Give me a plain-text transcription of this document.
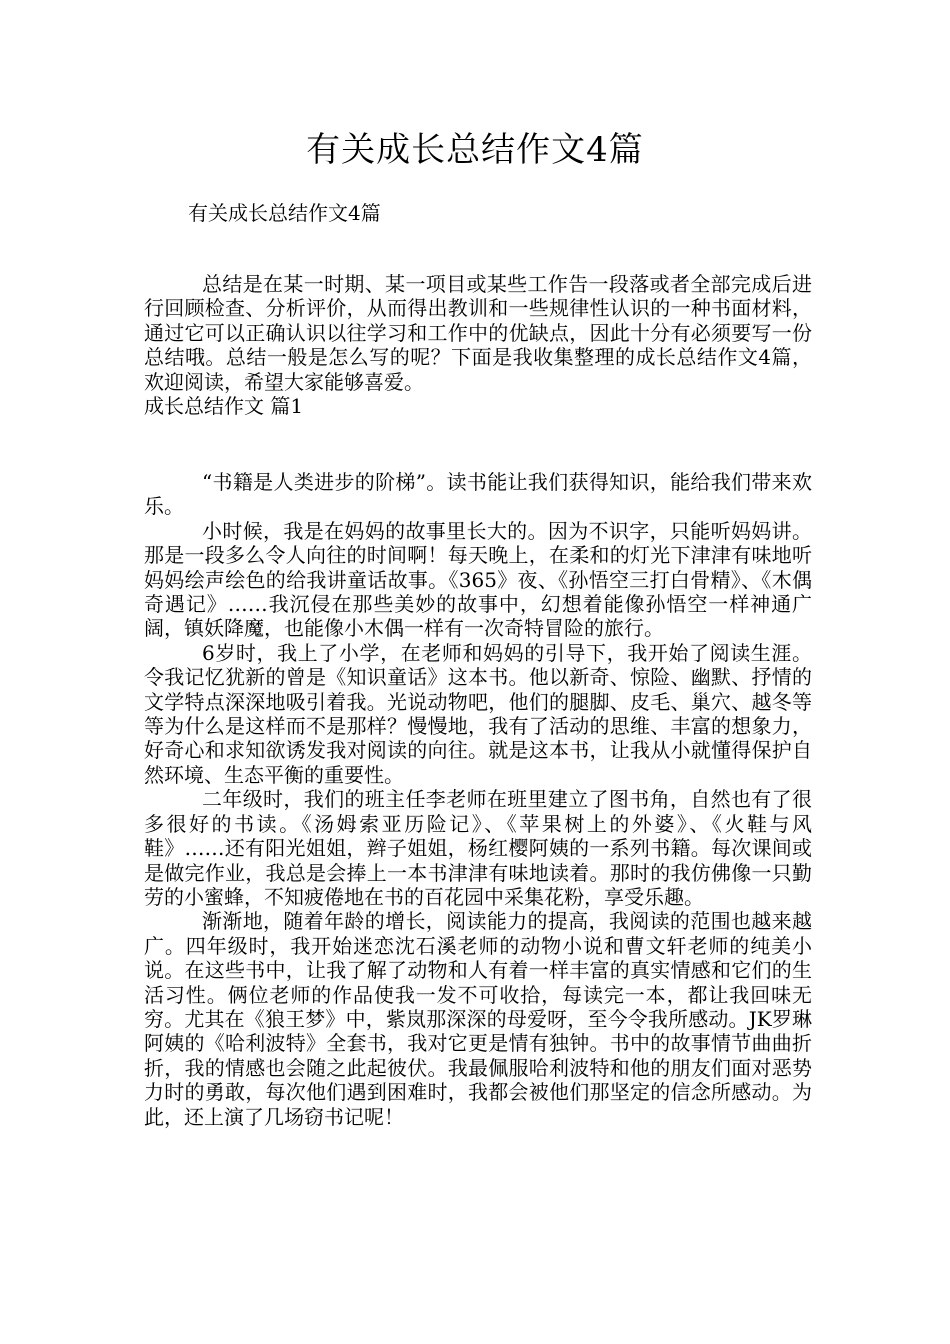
有关成长总结作文4篇
有关成长总结作文4篇

总结是在某一时期、某一项目或某些工作告一段落或者全部完成后进行回顾检查、分析评价，从而得出教训和一些规律性认识的一种书面材料，通过它可以正确认识以往学习和工作中的优缺点，因此十分有必须要写一份总结哦。总结一般是怎么写的呢？下面是我收集整理的成长总结作文4篇，欢迎阅读，希望大家能够喜爱。

成长总结作文 篇1

“书籍是人类进步的阶梯”。读书能让我们获得知识，能给我们带来欢乐。

小时候，我是在妈妈的故事里长大的。因为不识字，只能听妈妈讲。那是一段多么令人向往的时间啊！每天晚上，在柔和的灯光下津津有味地听妈妈绘声绘色的给我讲童话故事。《365》夜、《孙悟空三打白骨精》、《木偶奇遇记》……我沉侵在那些美妙的故事中，幻想着能像孙悟空一样神通广阔，镇妖降魔，也能像小木偶一样有一次奇特冒险的旅行。

6岁时，我上了小学，在老师和妈妈的引导下，我开始了阅读生涯。令我记忆犹新的曾是《知识童话》这本书。他以新奇、惊险、幽默、抒情的文学特点深深地吸引着我。光说动物吧，他们的腿脚、皮毛、巢穴、越冬等等为什么是这样而不是那样？慢慢地，我有了活动的思维、丰富的想象力，好奇心和求知欲诱发我对阅读的向往。就是这本书，让我从小就懂得保护自然环境、生态平衡的重要性。

二年级时，我们的班主任李老师在班里建立了图书角，自然也有了很多很好的书读。《汤姆索亚历险记》、《苹果树上的外婆》、《火鞋与风鞋》……还有阳光姐姐，辫子姐姐，杨红樱阿姨的一系列书籍。每次课间或是做完作业，我总是会捧上一本书津津有味地读着。那时的我仿佛像一只勤劳的小蜜蜂，不知疲倦地在书的百花园中采集花粉，享受乐趣。

渐渐地，随着年龄的增长，阅读能力的提高，我阅读的范围也越来越广。四年级时，我开始迷恋沈石溪老师的动物小说和曹文轩老师的纯美小说。在这些书中，让我了解了动物和人有着一样丰富的真实情感和它们的生活习性。俩位老师的作品使我一发不可收拾，每读完一本，都让我回味无穷。尤其在《狼王梦》中，紫岚那深深的母爱呀，至今令我所感动。JK罗琳阿姨的《哈利波特》全套书，我对它更是情有独钟。书中的故事情节曲曲折折，我的情感也会随之此起彼伏。我最佩服哈利波特和他的朋友们面对恶势力时的勇敢，每次他们遇到困难时，我都会被他们那坚定的信念所感动。为此，还上演了几场窃书记呢！
